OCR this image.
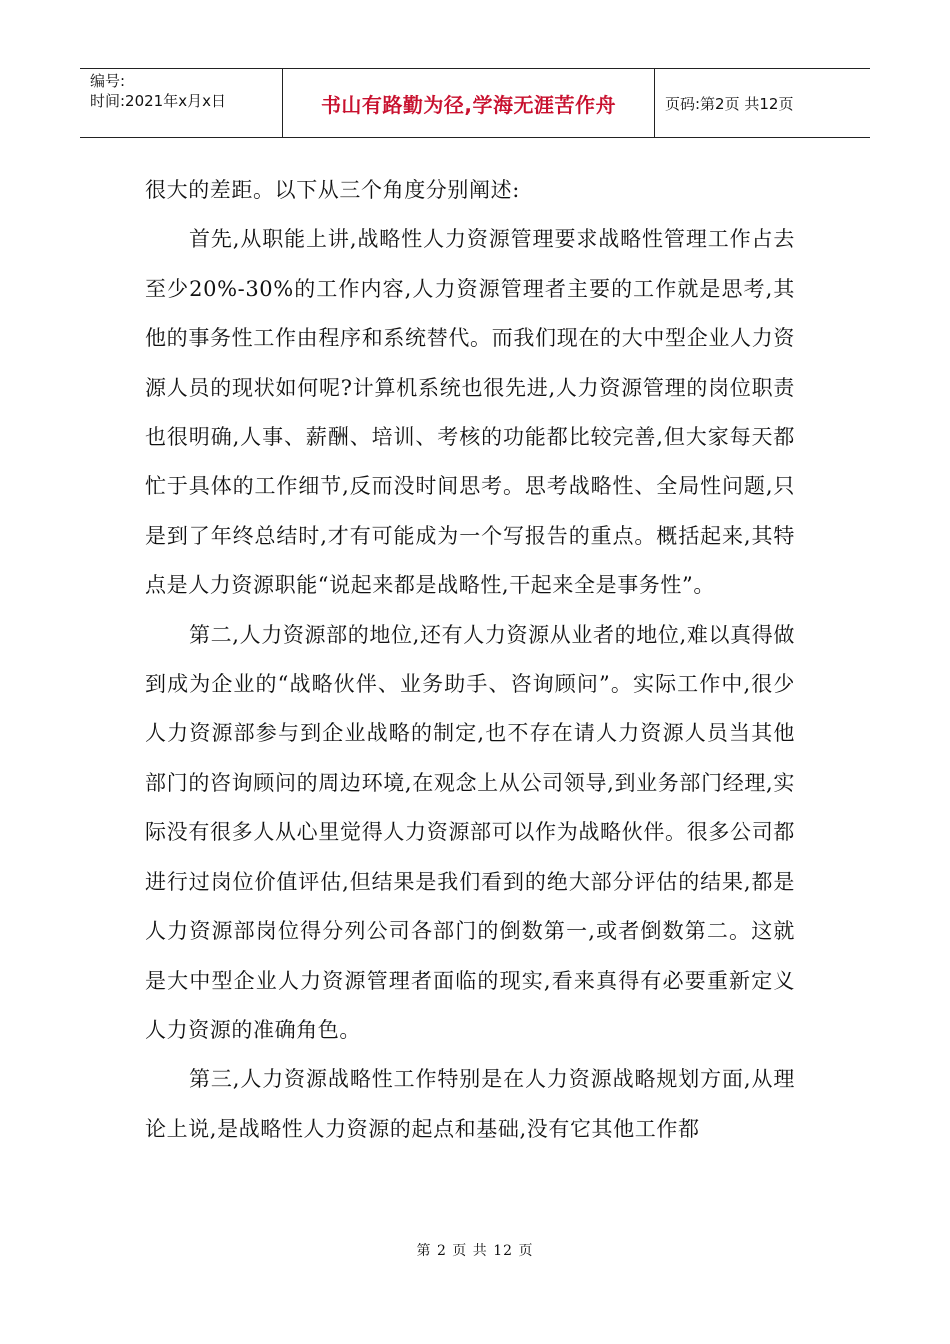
编号:
时间:2021年x月x日	书山有路勤为径,学海无涯苦作舟	页码:第2页 共12页

很大的差距。以下从三个角度分别阐述:

首先,从职能上讲,战略性人力资源管理要求战略性管理工作占去至少20%-30%的工作内容,人力资源管理者主要的工作就是思考,其他的事务性工作由程序和系统替代。而我们现在的大中型企业人力资源人员的现状如何呢?计算机系统也很先进,人力资源管理的岗位职责也很明确,人事、薪酬、培训、考核的功能都比较完善,但大家每天都忙于具体的工作细节,反而没时间思考。思考战略性、全局性问题,只是到了年终总结时,才有可能成为一个写报告的重点。概括起来,其特点是人力资源职能“说起来都是战略性,干起来全是事务性”。

第二,人力资源部的地位,还有人力资源从业者的地位,难以真得做到成为企业的“战略伙伴、业务助手、咨询顾问”。实际工作中,很少人力资源部参与到企业战略的制定,也不存在请人力资源人员当其他部门的咨询顾问的周边环境,在观念上从公司领导,到业务部门经理,实际没有很多人从心里觉得人力资源部可以作为战略伙伴。很多公司都进行过岗位价值评估,但结果是我们看到的绝大部分评估的结果,都是人力资源部岗位得分列公司各部门的倒数第一,或者倒数第二。这就是大中型企业人力资源管理者面临的现实,看来真得有必要重新定义人力资源的准确角色。

第三,人力资源战略性工作特别是在人力资源战略规划方面,从理论上说,是战略性人力资源的起点和基础,没有它其他工作都

第 2 页 共 12 页
